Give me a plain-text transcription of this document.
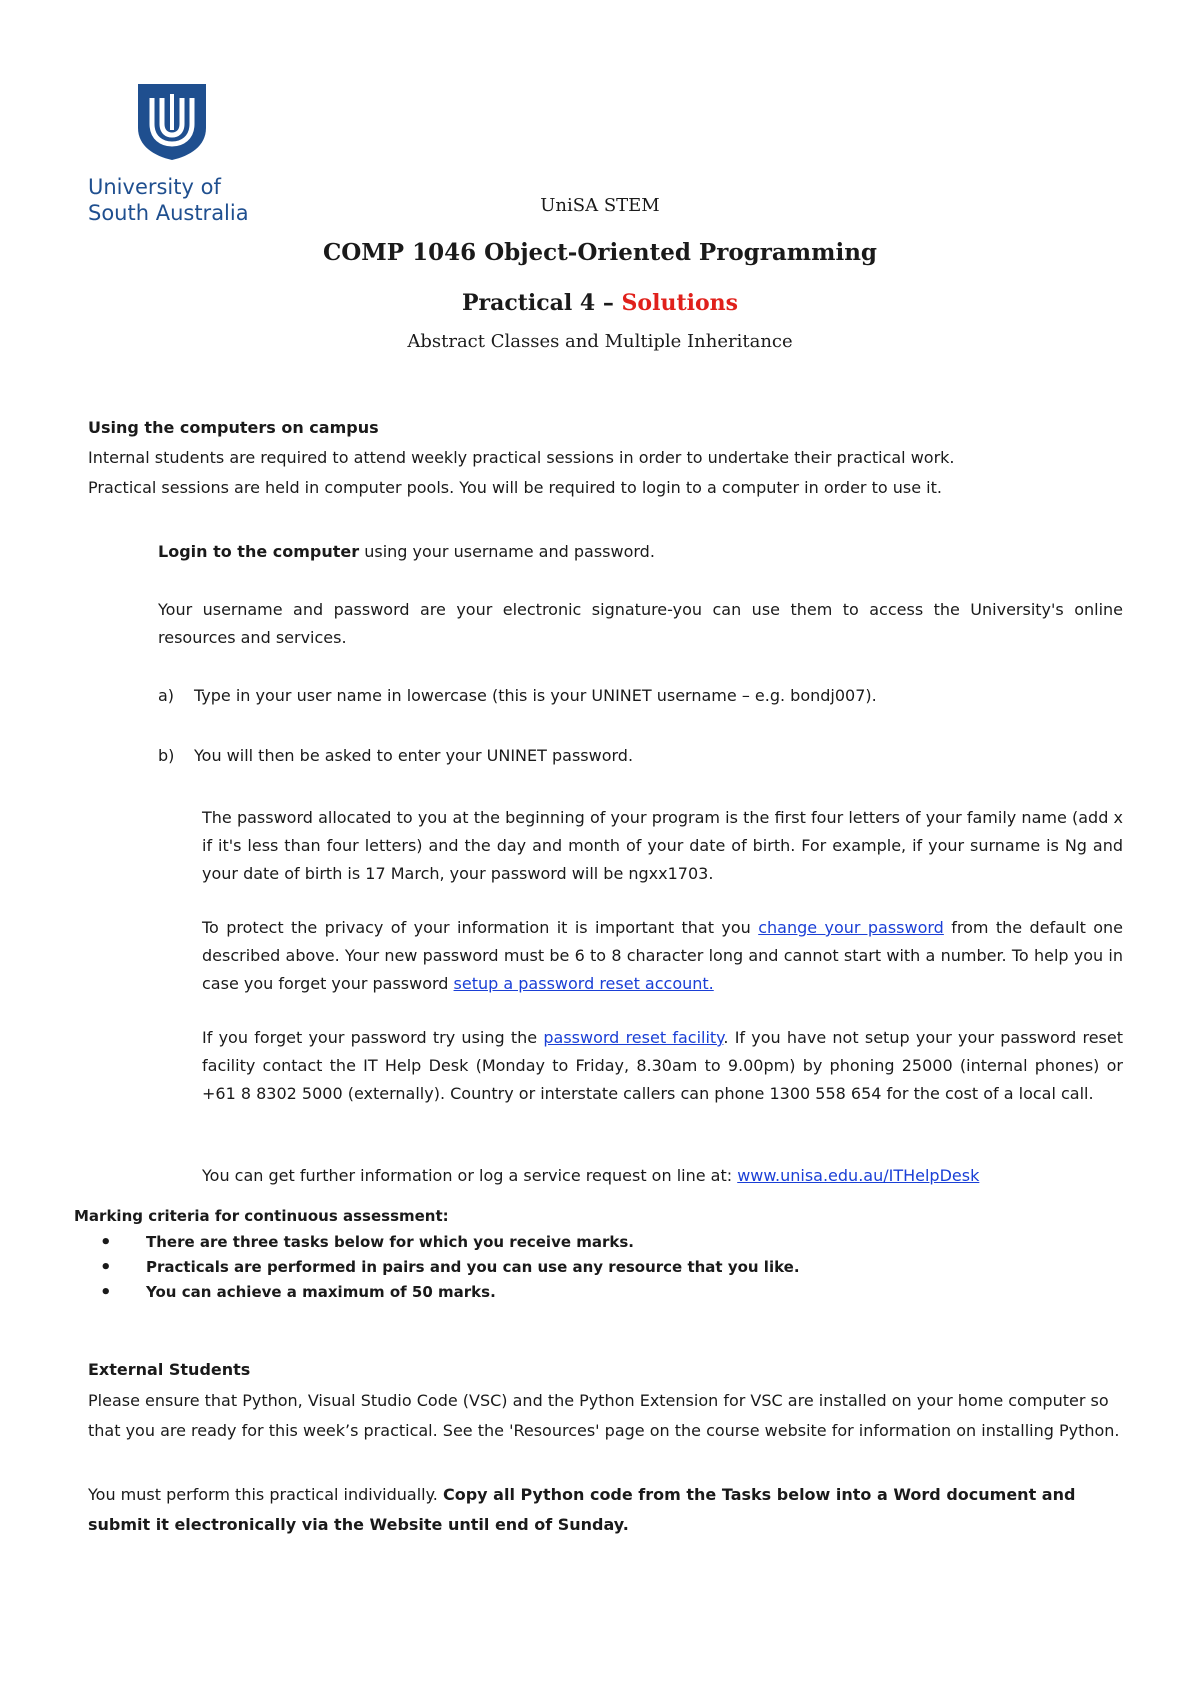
University of
South Australia	UniSA STEM
COMP 1046 Object-Oriented Programming
Practical 4 – Solutions
Abstract Classes and Multiple Inheritance
Using the computers on campus
Internal students are required to attend weekly practical sessions in order to undertake their practical work.
Practical sessions are held in computer pools. You will be required to login to a computer in order to use it.
Login to the computer using your username and password.
Your username and password are your electronic signature-you can use them to access the University's online resources and services.
a) Type in your user name in lowercase (this is your UNINET username – e.g. bondj007).
b) You will then be asked to enter your UNINET password.
The password allocated to you at the beginning of your program is the first four letters of your family name (add x if it's less than four letters) and the day and month of your date of birth. For example, if your surname is Ng and your date of birth is 17 March, your password will be ngxx1703.
To protect the privacy of your information it is important that you change your password from the default one described above. Your new password must be 6 to 8 character long and cannot start with a number. To help you in case you forget your password setup a password reset account.
If you forget your password try using the password reset facility. If you have not setup your your password reset facility contact the IT Help Desk (Monday to Friday, 8.30am to 9.00pm) by phoning 25000 (internal phones) or +61 8 8302 5000 (externally). Country or interstate callers can phone 1300 558 654 for the cost of a local call.
You can get further information or log a service request on line at: www.unisa.edu.au/ITHelpDesk
Marking criteria for continuous assessment:
• There are three tasks below for which you receive marks.
• Practicals are performed in pairs and you can use any resource that you like.
• You can achieve a maximum of 50 marks.
External Students
Please ensure that Python, Visual Studio Code (VSC) and the Python Extension for VSC are installed on your home computer so that you are ready for this week’s practical. See the 'Resources' page on the course website for information on installing Python.
You must perform this practical individually. Copy all Python code from the Tasks below into a Word document and submit it electronically via the Website until end of Sunday.
